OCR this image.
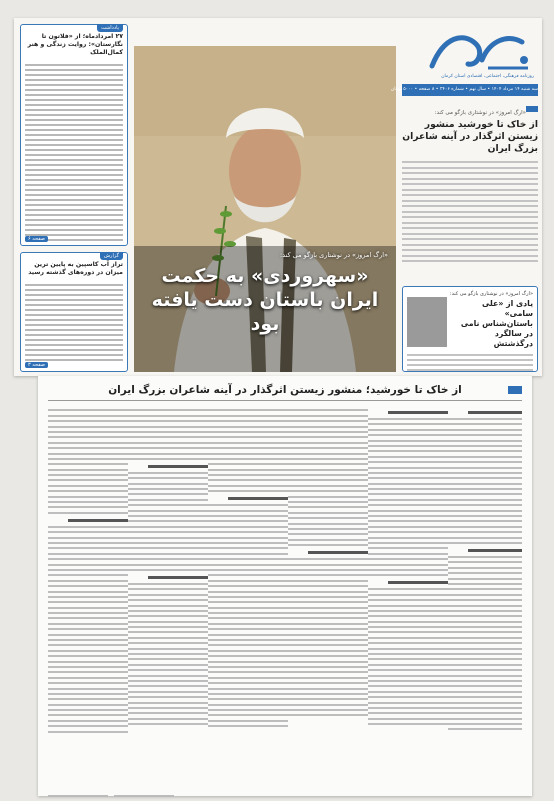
یادداشت
۲۷ امردادماه؛ از «فلاتون تا نگارستان»: روایت زندگی و هنر کمال‌الملک
۶ صفحه
گزارش
تراز آب کاسپین به پایین ترین میزان در دوره‌های گذشته رسید
۳ صفحه
«ارگ امروز» در نوشتاری بازگو می کند:
«سهروردی» به حکمت ایران باستان دست یافته بود
روزنامه فرهنگی، اجتماعی، اقتصادی استان کرمان
سه شنبه ۱۴ مرداد ۱۴۰۴ • سال نهم • شماره ۲۴۰۶ • ۸ صفحه • ۵۰۰۰ تومان
«ارگ امروز» در نوشتاری بازگو می کند:
از خاک تا خورشید منشور زیستن اثرگذار در آینه شاعران بزرگ ایران
«ارگ امروز» در نوشتاری بازگو می کند:
یادی از «علی سامی» باستان‌شناس نامی در سالگرد درگذشتش
از خاک تا خورشید؛ منشور زیستن اثرگذار در آینه شاعران بزرگ ایران
